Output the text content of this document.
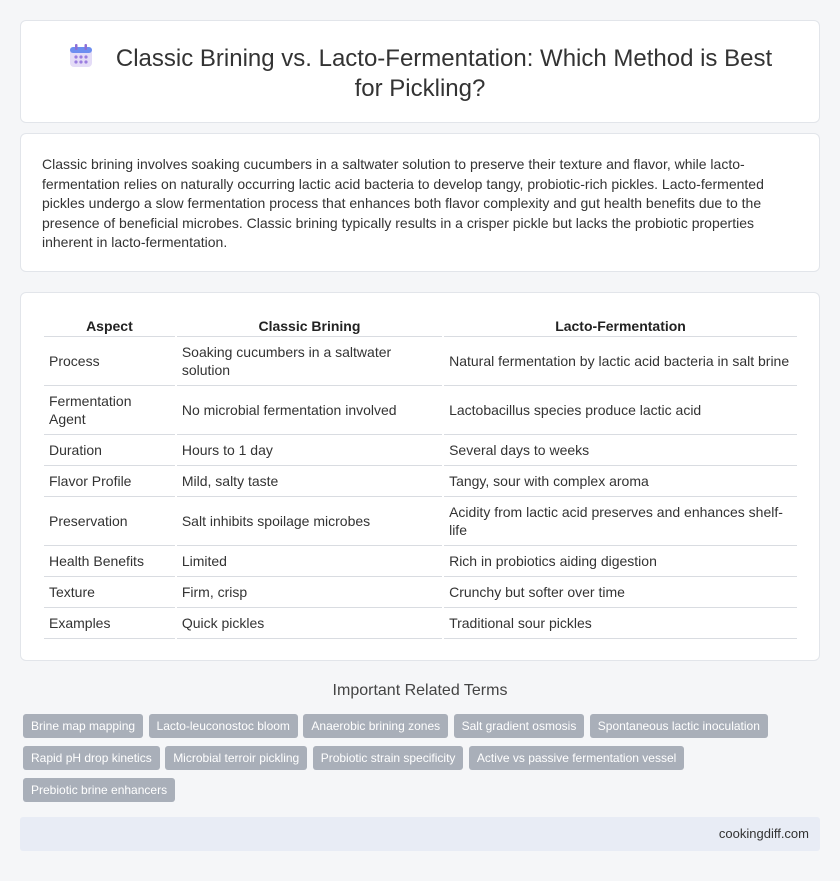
Classic Brining vs. Lacto-Fermentation: Which Method is Best for Pickling?

Classic brining involves soaking cucumbers in a saltwater solution to preserve their texture and flavor, while lacto-fermentation relies on naturally occurring lactic acid bacteria to develop tangy, probiotic-rich pickles. Lacto-fermented pickles undergo a slow fermentation process that enhances both flavor complexity and gut health benefits due to the presence of beneficial microbes. Classic brining typically results in a crisper pickle but lacks the probiotic properties inherent in lacto-fermentation.

Aspect	Classic Brining	Lacto-Fermentation
Process	Soaking cucumbers in a saltwater solution	Natural fermentation by lactic acid bacteria in salt brine
Fermentation Agent	No microbial fermentation involved	Lactobacillus species produce lactic acid
Duration	Hours to 1 day	Several days to weeks
Flavor Profile	Mild, salty taste	Tangy, sour with complex aroma
Preservation	Salt inhibits spoilage microbes	Acidity from lactic acid preserves and enhances shelf-life
Health Benefits	Limited	Rich in probiotics aiding digestion
Texture	Firm, crisp	Crunchy but softer over time
Examples	Quick pickles	Traditional sour pickles
Important Related Terms
Brine map mapping Lacto-leuconostoc bloom Anaerobic brining zones Salt gradient osmosis Spontaneous lactic inoculation Rapid pH drop kinetics Microbial terroir pickling Probiotic strain specificity Active vs passive fermentation vessel Prebiotic brine enhancers
cookingdiff.com
